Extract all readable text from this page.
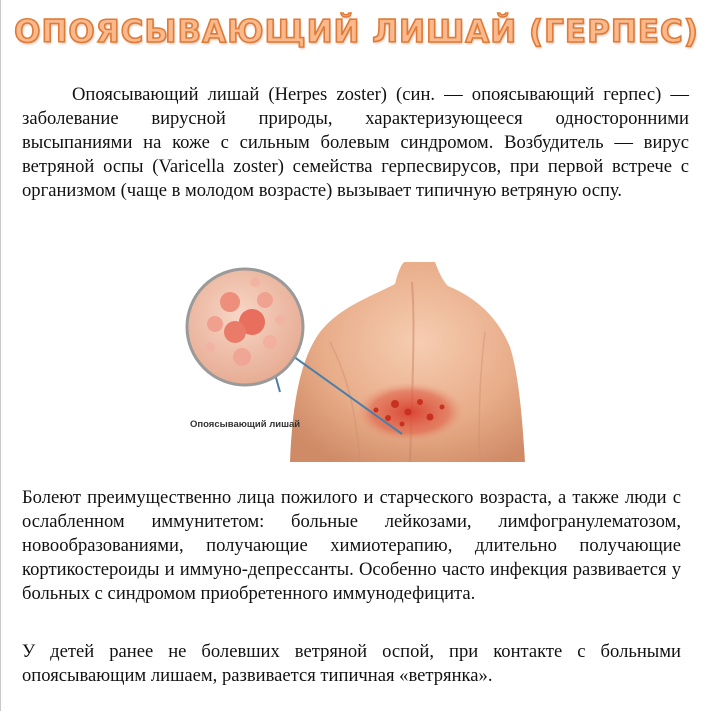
ОПОЯСЫВАЮЩИЙ ЛИШАЙ (ГЕРПЕС)
Опоясывающий лишай (Herpes zoster) (син. — опоясывающий герпес) — заболевание вирусной природы, характеризующееся односторонними высыпаниями на коже с сильным болевым синдромом. Возбудитель — вирус ветряной оспы (Varicella zoster) семейства герпесвирусов, при первой встрече с организмом (чаще в молодом возрасте) вызывает типичную ветряную оспу.
Опоясывающий лишай
Болеют преимущественно лица пожилого и старческого возраста, а также люди с ослабленном иммунитетом: больные лейкозами, лимфогранулематозом, новообразованиями, получающие химиотерапию, длительно получающие кортикостероиды и иммуно-депрессанты. Особенно часто инфекция развивается у больных с синдромом приобретенного иммунодефицита.
У детей ранее не болевших ветряной оспой, при контакте с больными опоясывающим лишаем, развивается типичная «ветрянка».
